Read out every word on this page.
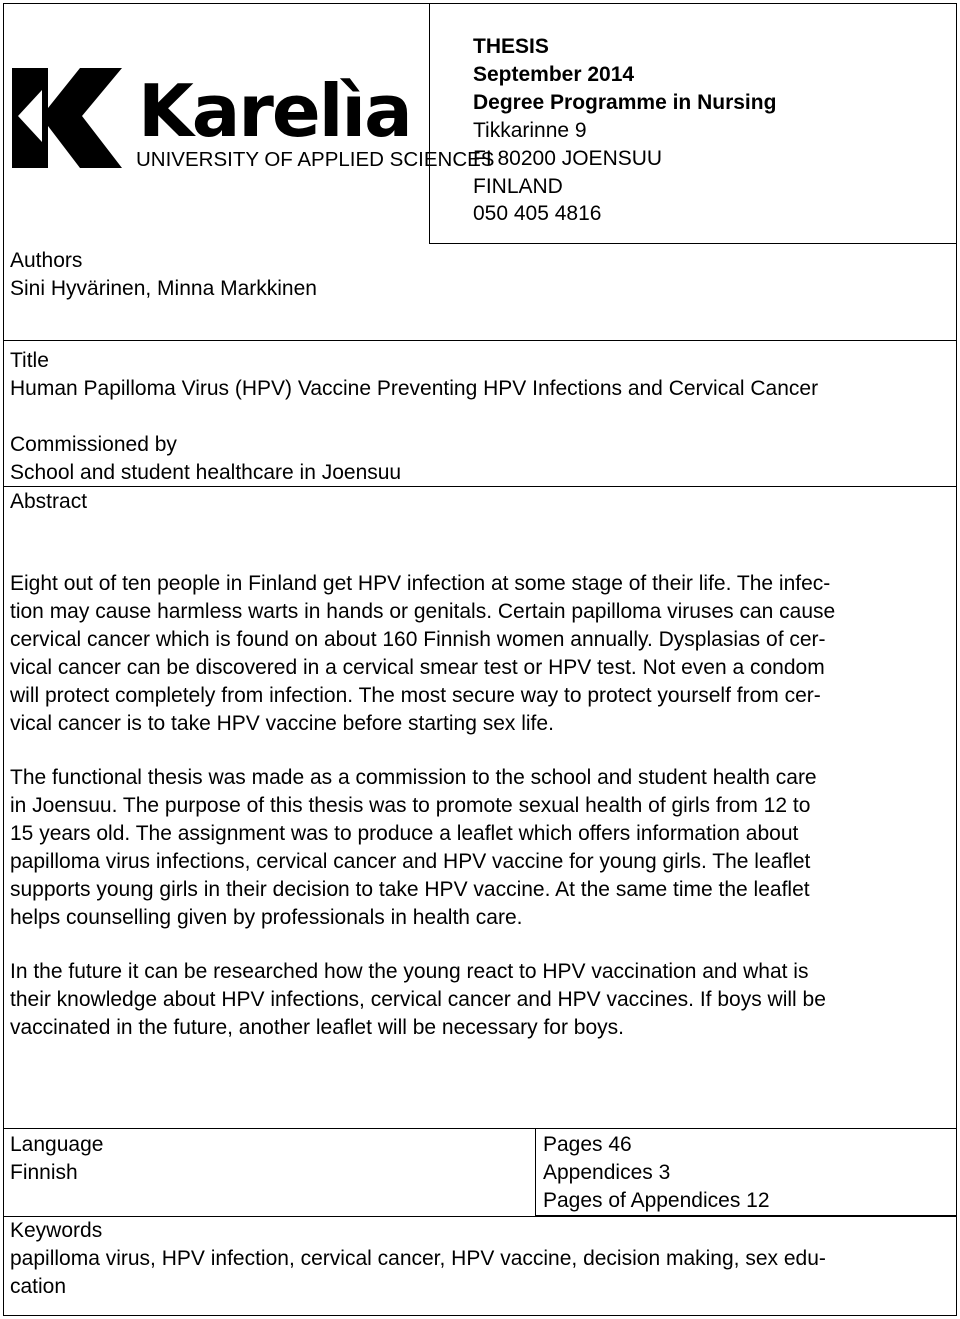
Karelìa
UNIVERSITY OF APPLIED SCIENCES
THESIS
September 2014
Degree Programme in Nursing
Tikkarinne 9
FI 80200 JOENSUU
FINLAND
050 405 4816
Authors
Sini Hyvärinen, Minna Markkinen
Title
Human Papilloma Virus (HPV) Vaccine Preventing HPV Infections and Cervical Cancer
Commissioned by
School and student healthcare in Joensuu
Abstract
Eight out of ten people in Finland get HPV infection at some stage of their life. The infec-
tion may cause harmless warts in hands or genitals. Certain papilloma viruses can cause
cervical cancer which is found on about 160 Finnish women annually. Dysplasias of cer-
vical cancer can be discovered in a cervical smear test or HPV test. Not even a condom
will protect completely from infection. The most secure way to protect yourself from cer-
vical cancer is to take HPV vaccine before starting sex life.
The functional thesis was made as a commission to the school and student health care
in Joensuu. The purpose of this thesis was to promote sexual health of girls from 12 to
15 years old. The assignment was to produce a leaflet which offers information about
papilloma virus infections, cervical cancer and HPV vaccine for young girls. The leaflet
supports young girls in their decision to take HPV vaccine. At the same time the leaflet
helps counselling given by professionals in health care.
In the future it can be researched how the young react to HPV vaccination and what is
their knowledge about HPV infections, cervical cancer and HPV vaccines. If boys will be
vaccinated in the future, another leaflet will be necessary for boys.
Language
Finnish
Pages 46
Appendices 3
Pages of Appendices 12
Keywords
papilloma virus, HPV infection, cervical cancer, HPV vaccine, decision making, sex edu-
cation
